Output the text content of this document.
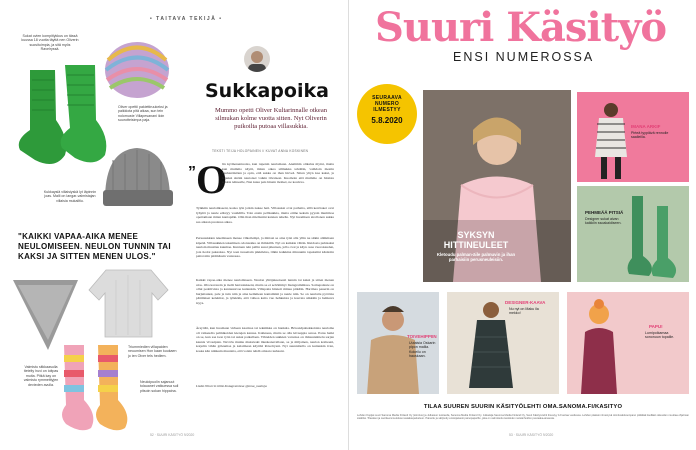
• TAITAVA TEKIJÄ •
Sukat ovien kompitlykkus on tässä kuussa 18 vuotta täyttä nen Oliverin suosituimpia, ja sitä myös Ravelryssä.
Kukkaysiä villaisiyskä lyt läpinnin joas. Malli on langar-valmistajan villaisia mukailtiu.
Oliver opettii pakiettiruukeksi ja paikkiota pitä aikaa, sun tein nolomuste Villapesanani iloin suurotteisimpa paja.
"KAIKKI VAPAA-AIKA MENEE NEULOMISEEN. NEULON TUNNIN TAI KAKSI JA SITTEN MENEN ULOS."
Triummiedien villapaiden neuumisen Hon kaan kuukaen jo ien Olver tels hedlem.
Valmistu sitkkaasulla tietelty huvi on ioitpas muita. Pitkä kay on valmistu rymmeittyjen devieden avulla.
Neuloipuolin sajanuut tolauanet vatkuessa sull pitsoin sokan hippaina.
Sukkapoika
Mummo opetti Oliver Kultarinnalle otkean silmukan kolme vuotta sitten. Nyt Oliverin puikoilta putoaa villasukkia.
TEKSTI TEIJA HOLOPAINEN // KUVAT ANNA KOSKINEN
” O
lin kyrmenentuolaa, kun rupenin neulomaan. Aiemmin olikalus myini, mutta kun mummo näytti, miten oikea silmukka tehdään, vaihdoin mestin hauhanäistäan ja opin, että sukka on ihan hirveä. Sitten yltyn kaa kaksi, ja lopuksi sinäni nautoiset vaikin tiivaiseet. Kuomoin että mummo on hitaista sukkia tehneelle, Nan kuua pais hinetn moiket, ne kouivaa.
Tyikkiin neulomiseeni, koska tyin jotkin nakee heti. Villasukat ovat parhaita, sillä kerräoket ovat lyhyitä ja neule edistyy vauhdilla. Toin ensin pellisukkia, mutta etime keksin pyysin mummoa opettamaan miten kantapään. Olin ihan mielissäni kannan tehelle. Nyt huomisen sirollonen sukka saa aikaan puolessa aikaa.
Peruasukkien tekemiseen menee vilkoilempi, ja mittasi se aina tyisi alla yllin ne sitkin alimmaan kipeää. Villasukkien tekemisen odotusaika on ihmisillä. Nyt on kaikkia vähän. Ruidosta puhtaaksi neuloin muuttuu kuumaa. Kuntuen tein pallin sussi pikutaan, jolla ovat ja käyn osaa vuorokauden, jota tiedot pakasissa. Nyt teen tussettain pikkilelaa, tilkin kaikkina minuunin tapaksiini käsitoiin paitsi niin pitämässin vaaleassa.
Kaikki vapaa-aika menee neulomiseen. Neulon yhtäjaksoisesti tunnin tai kaksi ja sitten menen ulos. Oba kaverein ja tiedä harrastukseni, mutta se ei selvimmyt Instagrammissa. Somepalaute on ollut positiivista ja kannustavaa kuitenkin. Villapaita hinnoit minua pitkään. Harrmaa pauerin on hurjuttaaksi, pale ja tuin niin ja aina kemmeen kantamiini ja neule niin. Se on neulottu pyöröna päätilaiset keleimat, ja tytkkääs, että valkoa kaita vuo hehkuista ja kasvata säkkiän ja hehkuva isyys.
Ärsyttää, kun huomaan virheen kaarissa tai tekniikka on hankala. Brisondpaitekkoisina neuloma oli vaikeudia palmikoiden kierejen kanssa. Kaikneas, mutta se ollu kivaappia sanoa. Paras hetki on se, kun saa ison työn tai sukat paikallaan. Vihreiden sukkien varrensa on tääsuunnittelu sarjan kaunis vivasipian. Nevöös muinu mukuvaki mieskanavallaan, se ja miljainen, neulon kotiteeni, kotjelin vihän göleumaa ja kalaimaan käyttää Ravelryssä. Nyt suunnittella on kuitenkin ivan, koska kän niinkuin muutatta, että voisin tehdä omaan rauhaani.
Lisää Oliverin töitä Instagramissa @oma_nealuja
52 · SUURI KÄSITYÖ 9/2020
Suuri Käsityö
ENSI NUMEROSSA
SYKSYN HITTINEULEET
Kletoudu palman-äile palmuvin ja ihan parhaisiin perusneuleisiin.
SEURAAVA
NUMERO
ILMESTYY
5.8.2020
IMANA ARKIF
Pirteä tyypiävä rennolle saalleilla.
PEHMEÄÄ PITSIÄ
Designer sukat aivan kaikkiin ssoakaidiseen.
TOIVEHIPPIIN
Uutaisia Oskarin pipon mallia. Kokeilu on hauskaan.
DESIGNER-KAAVA
Nu nyt on Maku ila mekko!
PAPU!
Lumipoikamaa sononuun topaille.
TILAA SUUREN SUURIN KÄSITYÖLEHTI OMA.SANOMA.FI/KASITYO
Lehden Kopijat suuri Sanoma Media Finland Oy (toimitus) ja Julkaisun tuotteella, Sanoma Media Finland Oy. Julkaisija Sanoma Media Finland Oy, Suuri Käsityö-lehti ilmestyy 12 kertaa vuodessa. Lehden pääosin ilmestyvä toimituskokoonpano pidättää itsellään oikeuden muuttaa ohjelman sisältöä. Tilaukset ja osoitteenmuutokset asiakaspalveluun. Painettu ja säilytetty ensisijaisesti painopaperille, joka on valmistettu kestävän metsänhoidon puuraaka-aineesta.
53 · SUURI KÄSITYÖ 9/2020
